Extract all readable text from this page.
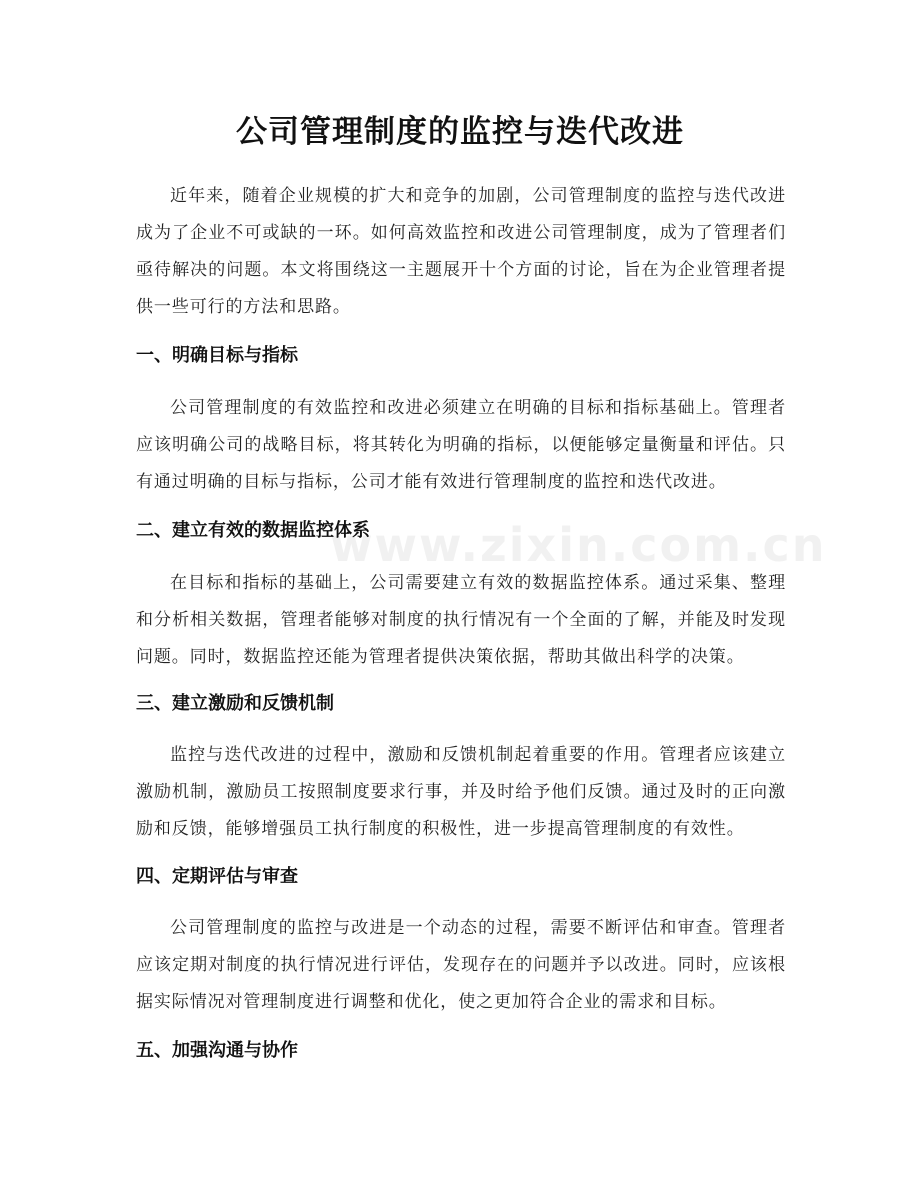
www.zixin.com.cn
公司管理制度的监控与迭代改进

近年来，随着企业规模的扩大和竞争的加剧，公司管理制度的监控与迭代改进成为了企业不可或缺的一环。如何高效监控和改进公司管理制度，成为了管理者们亟待解决的问题。本文将围绕这一主题展开十个方面的讨论，旨在为企业管理者提供一些可行的方法和思路。

一、明确目标与指标

公司管理制度的有效监控和改进必须建立在明确的目标和指标基础上。管理者应该明确公司的战略目标，将其转化为明确的指标，以便能够定量衡量和评估。只有通过明确的目标与指标，公司才能有效进行管理制度的监控和迭代改进。

二、建立有效的数据监控体系

在目标和指标的基础上，公司需要建立有效的数据监控体系。通过采集、整理和分析相关数据，管理者能够对制度的执行情况有一个全面的了解，并能及时发现问题。同时，数据监控还能为管理者提供决策依据，帮助其做出科学的决策。

三、建立激励和反馈机制

监控与迭代改进的过程中，激励和反馈机制起着重要的作用。管理者应该建立激励机制，激励员工按照制度要求行事，并及时给予他们反馈。通过及时的正向激励和反馈，能够增强员工执行制度的积极性，进一步提高管理制度的有效性。

四、定期评估与审查

公司管理制度的监控与改进是一个动态的过程，需要不断评估和审查。管理者应该定期对制度的执行情况进行评估，发现存在的问题并予以改进。同时，应该根据实际情况对管理制度进行调整和优化，使之更加符合企业的需求和目标。

五、加强沟通与协作
